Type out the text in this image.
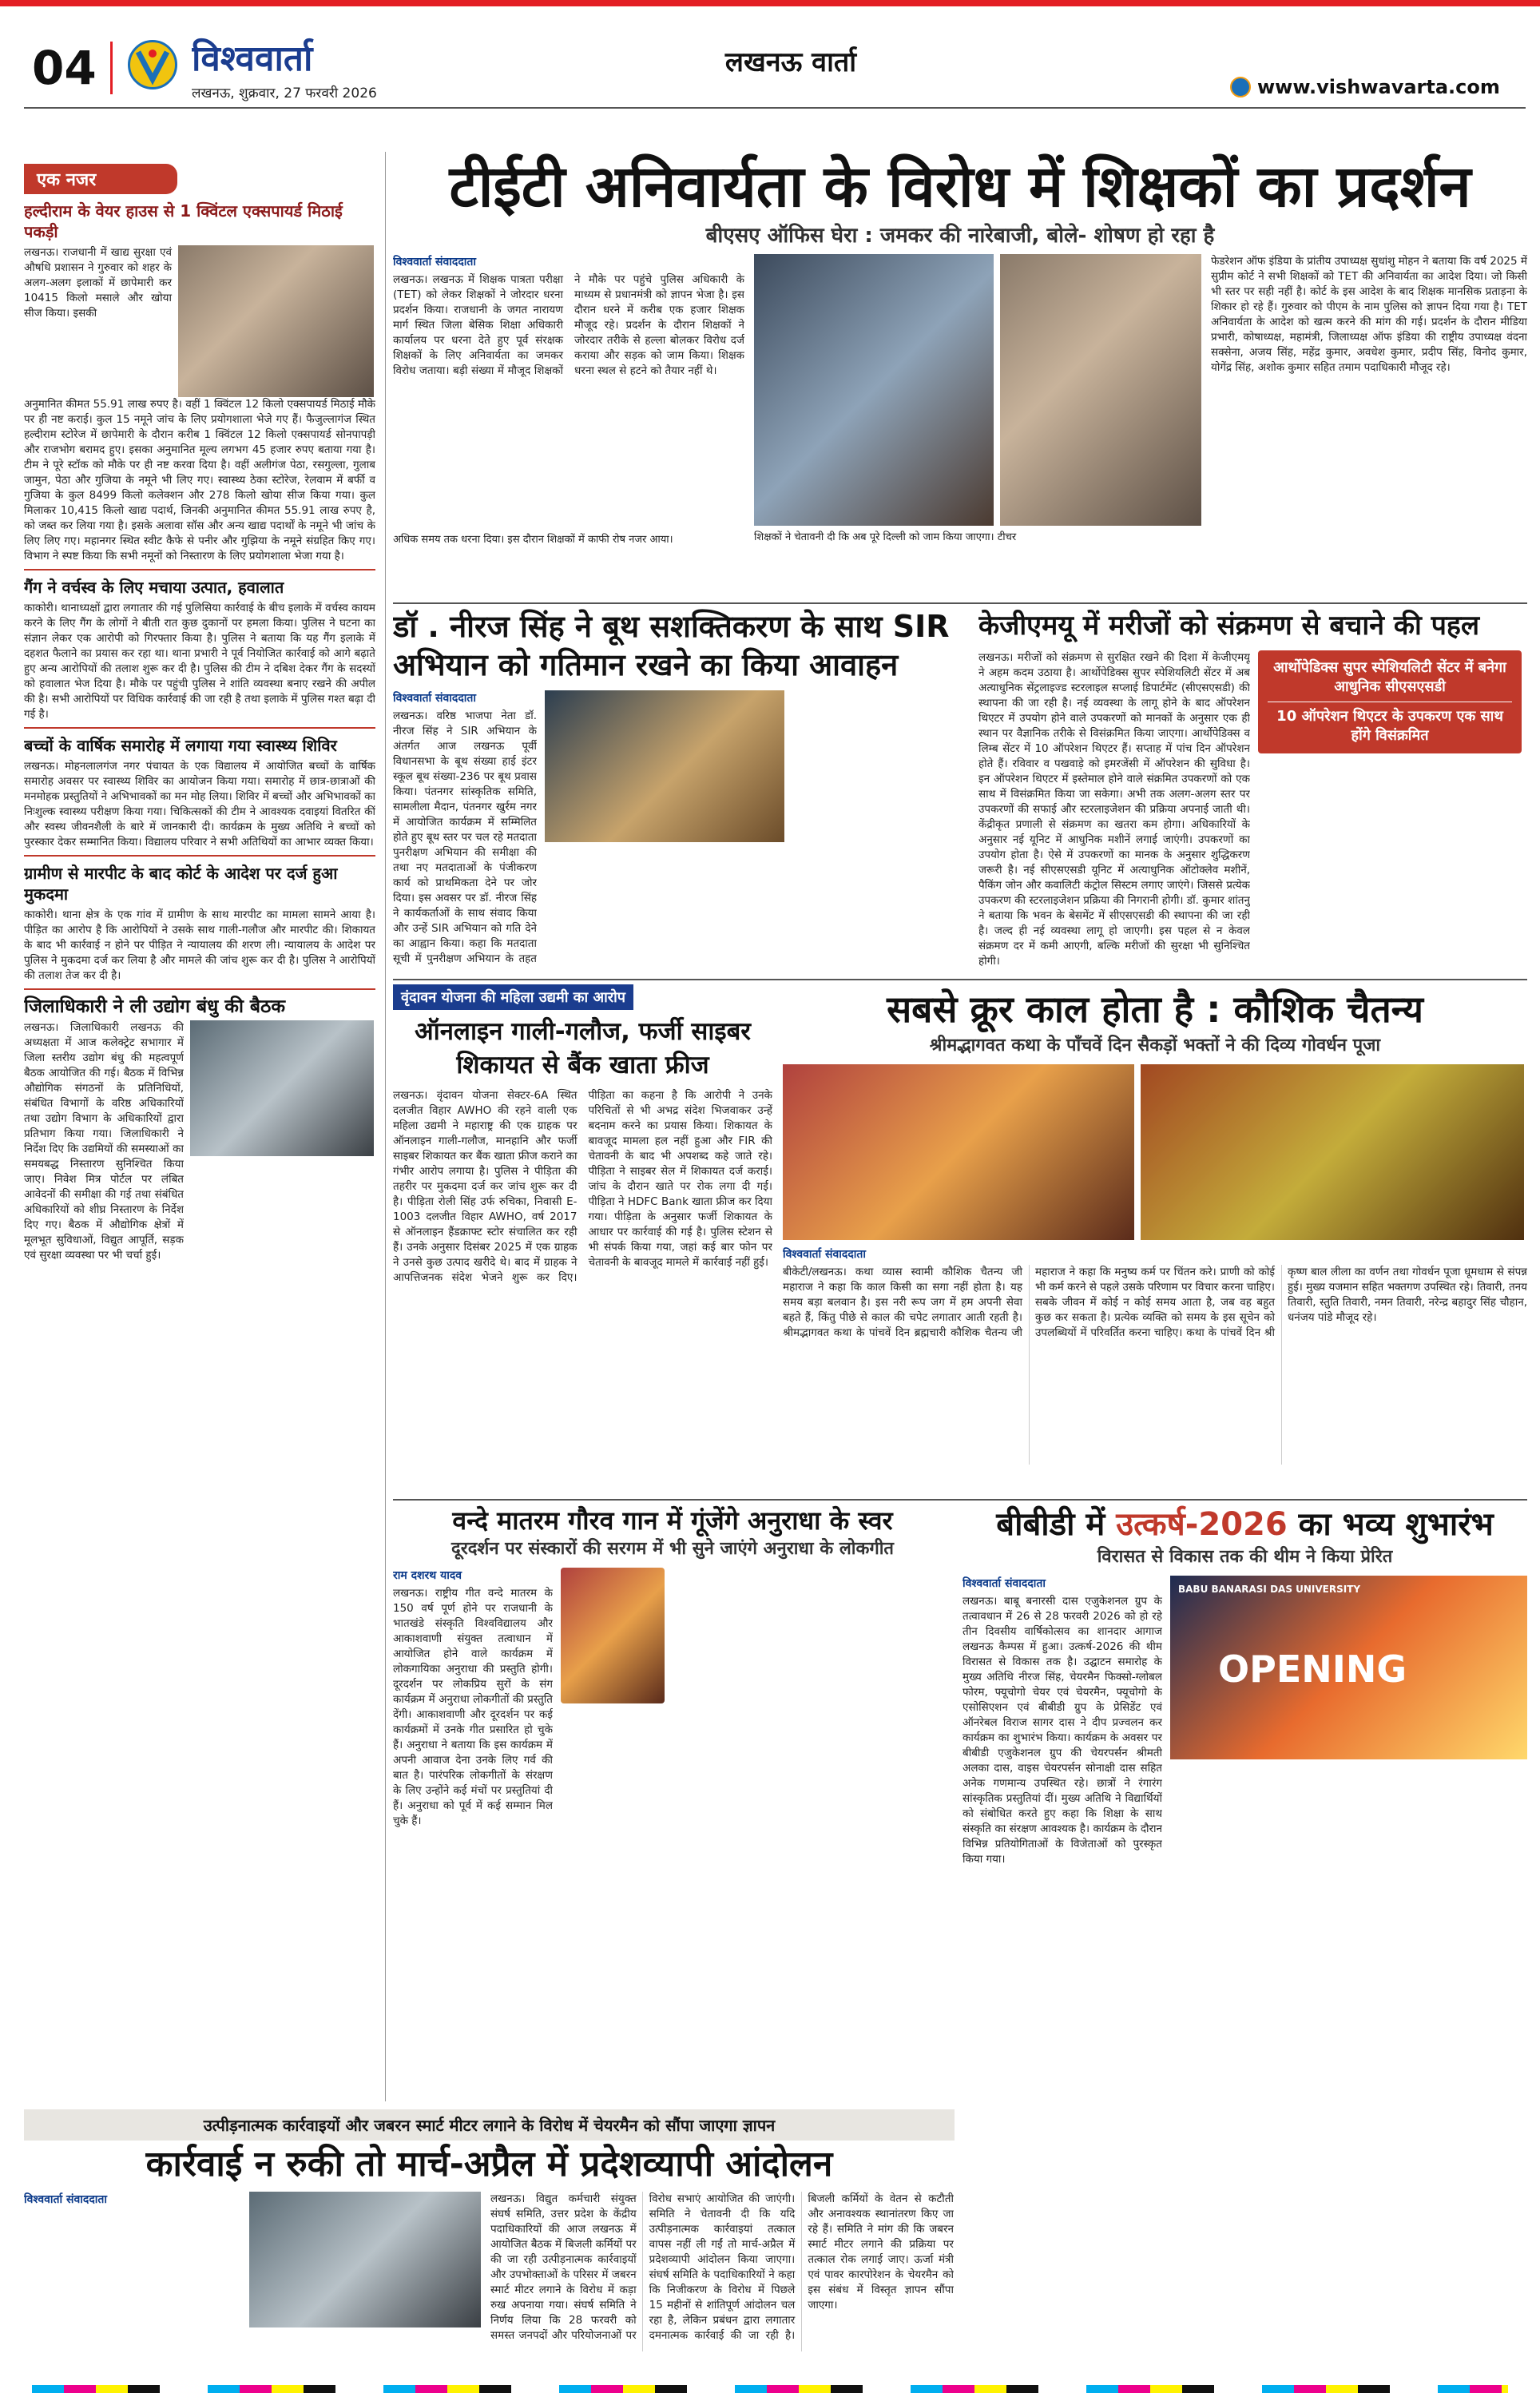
04	विश्ववार्ता
लखनऊ, शुक्रवार, 27 फरवरी 2026
लखनऊ वार्ता
www.vishwavarta.com
एक नजर
हल्दीराम के वेयर हाउस से 1 क्विंटल एक्सपायर्ड मिठाई पकड़ी
लखनऊ। राजधानी में खाद्य सुरक्षा एवं औषधि प्रशासन ने गुरुवार को शहर के अलग-अलग इलाकों में छापेमारी कर 10415 किलो मसाले और खोया सीज किया। इसकी
अनुमानित कीमत 55.91 लाख रुपए है। वहीं 1 क्विंटल 12 किलो एक्सपायर्ड मिठाई मौके पर ही नष्ट कराई। कुल 15 नमूने जांच के लिए प्रयोगशाला भेजे गए हैं। फैजुल्लागंज स्थित हल्दीराम स्टोरेज में छापेमारी के दौरान करीब 1 क्विंटल 12 किलो एक्सपायर्ड सोनपापड़ी और राजभोग बरामद हुए। इसका अनुमानित मूल्य लगभग 45 हजार रुपए बताया गया है। टीम ने पूरे स्टॉक को मौके पर ही नष्ट करवा दिया है। वहीं अलीगंज पेठा, रसगुल्ला, गुलाब जामुन, पेठा और गुजिया के नमूने भी लिए गए। स्वास्थ्य ठेका स्टोरेज, रेलवाम में बर्फी व गुजिया के कुल 8499 किलो कलेक्शन और 278 किलो खोया सीज किया गया। कुल मिलाकर 10,415 किलो खाद्य पदार्थ, जिनकी अनुमानित कीमत 55.91 लाख रुपए है, को जब्त कर लिया गया है। इसके अलावा सॉस और अन्य खाद्य पदार्थों के नमूने भी जांच के लिए लिए गए। महानगर स्थित स्वीट कैफे से पनीर और गुझिया के नमूने संग्रहित किए गए। विभाग ने स्पष्ट किया कि सभी नमूनों को निस्तारण के लिए प्रयोगशाला भेजा गया है।
गैंग ने वर्चस्व के लिए मचाया उत्पात, हवालात
काकोरी। थानाध्यक्षों द्वारा लगातार की गई पुलिसिया कार्रवाई के बीच इलाके में वर्चस्व कायम करने के लिए गैंग के लोगों ने बीती रात कुछ दुकानों पर हमला किया। पुलिस ने घटना का संज्ञान लेकर एक आरोपी को गिरफ्तार किया है। पुलिस ने बताया कि यह गैंग इलाके में दहशत फैलाने का प्रयास कर रहा था। थाना प्रभारी ने पूर्व नियोजित कार्रवाई को आगे बढ़ाते हुए अन्य आरोपियों की तलाश शुरू कर दी है। पुलिस की टीम ने दबिश देकर गैंग के सदस्यों को हवालात भेज दिया है। मौके पर पहुंची पुलिस ने शांति व्यवस्था बनाए रखने की अपील की है। सभी आरोपियों पर विधिक कार्रवाई की जा रही है तथा इलाके में पुलिस गश्त बढ़ा दी गई है।
बच्चों के वार्षिक समारोह में लगाया गया स्वास्थ्य शिविर
लखनऊ। मोहनलालगंज नगर पंचायत के एक विद्यालय में आयोजित बच्चों के वार्षिक समारोह अवसर पर स्वास्थ्य शिविर का आयोजन किया गया। समारोह में छात्र-छात्राओं की मनमोहक प्रस्तुतियों ने अभिभावकों का मन मोह लिया। शिविर में बच्चों और अभिभावकों का निःशुल्क स्वास्थ्य परीक्षण किया गया। चिकित्सकों की टीम ने आवश्यक दवाइयां वितरित कीं और स्वस्थ जीवनशैली के बारे में जानकारी दी। कार्यक्रम के मुख्य अतिथि ने बच्चों को पुरस्कार देकर सम्मानित किया। विद्यालय परिवार ने सभी अतिथियों का आभार व्यक्त किया।
ग्रामीण से मारपीट के बाद कोर्ट के आदेश पर दर्ज हुआ मुकदमा
काकोरी। थाना क्षेत्र के एक गांव में ग्रामीण के साथ मारपीट का मामला सामने आया है। पीड़ित का आरोप है कि आरोपियों ने उसके साथ गाली-गलौज और मारपीट की। शिकायत के बाद भी कार्रवाई न होने पर पीड़ित ने न्यायालय की शरण ली। न्यायालय के आदेश पर पुलिस ने मुकदमा दर्ज कर लिया है और मामले की जांच शुरू कर दी है। पुलिस ने आरोपियों की तलाश तेज कर दी है।
जिलाधिकारी ने ली उद्योग बंधु की बैठक
लखनऊ। जिलाधिकारी लखनऊ की अध्यक्षता में आज कलेक्ट्रेट सभागार में जिला स्तरीय उद्योग बंधु की महत्वपूर्ण बैठक आयोजित की गई। बैठक में विभिन्न औद्योगिक संगठनों के प्रतिनिधियों, संबंधित विभागों के वरिष्ठ अधिकारियों तथा उद्योग विभाग के अधिकारियों द्वारा प्रतिभाग किया गया। जिलाधिकारी ने निर्देश दिए कि उद्यमियों की समस्याओं का समयबद्ध निस्तारण सुनिश्चित किया जाए। निवेश मित्र पोर्टल पर लंबित आवेदनों की समीक्षा की गई तथा संबंधित अधिकारियों को शीघ्र निस्तारण के निर्देश दिए गए। बैठक में औद्योगिक क्षेत्रों में मूलभूत सुविधाओं, विद्युत आपूर्ति, सड़क एवं सुरक्षा व्यवस्था पर भी चर्चा हुई।
टीईटी अनिवार्यता के विरोध में शिक्षकों का प्रदर्शन
बीएसए ऑफिस घेरा : जमकर की नारेबाजी, बोले- शोषण हो रहा है
विश्ववार्ता संवाददाता
लखनऊ। लखनऊ में शिक्षक पात्रता परीक्षा (TET) को लेकर शिक्षकों ने जोरदार धरना प्रदर्शन किया। राजधानी के जगत नारायण मार्ग स्थित जिला बेसिक शिक्षा अधिकारी कार्यालय पर धरना देते हुए पूर्व संरक्षक शिक्षकों के लिए अनिवार्यता का जमकर विरोध जताया। बड़ी संख्या में मौजूद शिक्षकों ने मौके पर पहुंचे पुलिस अधिकारी के माध्यम से प्रधानमंत्री को ज्ञापन भेजा है। इस दौरान धरने में करीब एक हजार शिक्षक मौजूद रहे। प्रदर्शन के दौरान शिक्षकों ने जोरदार तरीके से हल्ला बोलकर विरोध दर्ज कराया और सड़क को जाम किया। शिक्षक धरना स्थल से हटने को तैयार नहीं थे।
अधिक समय तक धरना दिया। इस दौरान शिक्षकों में काफी रोष नजर आया।	शिक्षकों ने चेतावनी दी कि अब पूरे दिल्ली को जाम किया जाएगा। टीचर
फेडरेशन ऑफ इंडिया के प्रांतीय उपाध्यक्ष सुधांशु मोहन ने बताया कि वर्ष 2025 में सुप्रीम कोर्ट ने सभी शिक्षकों को TET की अनिवार्यता का आदेश दिया। जो किसी भी स्तर पर सही नहीं है। कोर्ट के इस आदेश के बाद शिक्षक मानसिक प्रताड़ना के शिकार हो रहे हैं। गुरुवार को पीएम के नाम पुलिस को ज्ञापन दिया गया है। TET अनिवार्यता के आदेश को खत्म करने की मांग की गई। प्रदर्शन के दौरान मीडिया प्रभारी, कोषाध्यक्ष, महामंत्री, जिलाध्यक्ष ऑफ इंडिया की राष्ट्रीय उपाध्यक्ष वंदना सक्सेना, अजय सिंह, महेंद्र कुमार, अवधेश कुमार, प्रदीप सिंह, विनोद कुमार, योगेंद्र सिंह, अशोक कुमार सहित तमाम पदाधिकारी मौजूद रहे।
डॉ . नीरज सिंह ने बूथ सशक्तिकरण के साथ SIR अभियान को गतिमान रखने का किया आवाहन
विश्ववार्ता संवाददाता
लखनऊ। वरिष्ठ भाजपा नेता डॉ. नीरज सिंह ने SIR अभियान के अंतर्गत आज लखनऊ पूर्वी विधानसभा के बूथ संख्या हाई इंटर स्कूल बूथ संख्या-236 पर बूथ प्रवास किया। पंतनगर सांस्कृतिक समिति, सामलीला मैदान, पंतनगर खुर्रम नगर में आयोजित कार्यक्रम में सम्मिलित होते हुए बूथ स्तर पर चल रहे मतदाता पुनरीक्षण अभियान की समीक्षा की तथा नए मतदाताओं के पंजीकरण कार्य को प्राथमिकता देने पर जोर दिया। इस अवसर पर डॉ. नीरज सिंह ने कार्यकर्ताओं के साथ संवाद किया और उन्हें SIR अभियान को गति देने का आह्वान किया। कहा कि मतदाता सूची में पुनरीक्षण अभियान के तहत
केजीएमयू में मरीजों को संक्रमण से बचाने की पहल
लखनऊ। मरीजों को संक्रमण से सुरक्षित रखने की दिशा में केजीएमयू ने अहम कदम उठाया है। आर्थोपेडिक्स सुपर स्पेशियलिटी सेंटर में अब अत्याधुनिक सेंट्रलाइज्ड स्टरलाइल सप्लाई डिपार्टमेंट (सीएसएसडी) की स्थापना की जा रही है। नई व्यवस्था के लागू होने के बाद ऑपरेशन थिएटर में उपयोग होने वाले उपकरणों को मानकों के अनुसार एक ही स्थान पर वैज्ञानिक तरीके से विसंक्रमित किया जाएगा। आर्थोपेडिक्स व लिम्ब सेंटर में 10 ऑपरेशन थिएटर हैं। सप्ताह में पांच दिन ऑपरेशन होते हैं। रविवार व पखवाड़े को इमरजेंसी में ऑपरेशन की सुविधा है। इन ऑपरेशन थिएटर में इस्तेमाल होने वाले संक्रमित उपकरणों को एक साथ में विसंक्रमित किया जा सकेगा। अभी तक अलग-अलग स्तर पर उपकरणों की सफाई और स्टरलाइजेशन की प्रक्रिया अपनाई जाती थी। केंद्रीकृत प्रणाली से संक्रमण का खतरा कम होगा। अधिकारियों के अनुसार नई यूनिट में आधुनिक मशीनें लगाई जाएंगी। उपकरणों का उपयोग होता है। ऐसे में उपकरणों का मानक के अनुसार शुद्धिकरण जरूरी है। नई सीएसएसडी यूनिट में अत्याधुनिक ऑटोक्लेव मशीनें, पैकिंग जोन और कवालिटी कंट्रोल सिस्टम लगाए जाएंगे। जिससे प्रत्येक उपकरण की स्टरलाइजेशन प्रक्रिया की निगरानी होगी। डॉ. कुमार शांतनु ने बताया कि भवन के बेसमेंट में सीएसएसडी की स्थापना की जा रही है। जल्द ही नई व्यवस्था लागू हो जाएगी। इस पहल से न केवल संक्रमण दर में कमी आएगी, बल्कि मरीजों की सुरक्षा भी सुनिश्चित होगी।
आर्थोपेडिक्स सुपर स्पेशियलिटी सेंटर में बनेगा आधुनिक सीएसएसडी
10 ऑपरेशन थिएटर के उपकरण एक साथ होंगे विसंक्रमित
वृंदावन योजना की महिला उद्यमी का आरोप
ऑनलाइन गाली-गलौज, फर्जी साइबर शिकायत से बैंक खाता फ्रीज
लखनऊ। वृंदावन योजना सेक्टर-6A स्थित दलजीत विहार AWHO की रहने वाली एक महिला उद्यमी ने महाराष्ट्र की एक ग्राहक पर ऑनलाइन गाली-गलौज, मानहानि और फर्जी साइबर शिकायत कर बैंक खाता फ्रीज कराने का गंभीर आरोप लगाया है। पुलिस ने पीड़िता की तहरीर पर मुकदमा दर्ज कर जांच शुरू कर दी है। पीड़िता रोली सिंह उर्फ रुचिका, निवासी E-1003 दलजीत विहार AWHO, वर्ष 2017 से ऑनलाइन हैंडक्राफ्ट स्टोर संचालित कर रही हैं। उनके अनुसार दिसंबर 2025 में एक ग्राहक ने उनसे कुछ उत्पाद खरीदे थे। बाद में ग्राहक ने आपत्तिजनक संदेश भेजने शुरू कर दिए। पीड़िता का कहना है कि आरोपी ने उनके परिचितों से भी अभद्र संदेश भिजवाकर उन्हें बदनाम करने का प्रयास किया। शिकायत के बावजूद मामला हल नहीं हुआ और FIR की चेतावनी के बाद भी अपशब्द कहे जाते रहे। पीड़िता ने साइबर सेल में शिकायत दर्ज कराई। जांच के दौरान खाते पर रोक लगा दी गई। पीड़िता ने HDFC Bank खाता फ्रीज कर दिया गया। पीड़िता के अनुसार फर्जी शिकायत के आधार पर कार्रवाई की गई है। पुलिस स्टेशन से भी संपर्क किया गया, जहां कई बार फोन पर चेतावनी के बावजूद मामले में कार्रवाई नहीं हुई।
सबसे क्रूर काल होता है : कौशिक चैतन्य
श्रीमद्भागवत कथा के पाँचवें दिन सैकड़ों भक्तों ने की दिव्य गोवर्धन पूजा
विश्ववार्ता संवाददाता
बीकेटी/लखनऊ। कथा व्यास स्वामी कौशिक चैतन्य जी महाराज ने कहा कि काल किसी का सगा नहीं होता है। यह समय बड़ा बलवान है। इस नरी रूप जग में हम अपनी सेवा बहते हैं, किंतु पीछे से काल की चपेट लगातार आती रहती है। श्रीमद्भागवत कथा के पांचवें दिन ब्रह्मचारी कौशिक चैतन्य जी महाराज ने कहा कि मनुष्य कर्म पर चिंतन करे। प्राणी को कोई भी कर्म करने से पहले उसके परिणाम पर विचार करना चाहिए। सबके जीवन में कोई न कोई समय आता है, जब वह बहुत कुछ कर सकता है। प्रत्येक व्यक्ति को समय के इस सूचेन को उपलब्धियों में परिवर्तित करना चाहिए। कथा के पांचवें दिन श्री कृष्ण बाल लीला का वर्णन तथा गोवर्धन पूजा धूमधाम से संपन्न हुई। मुख्य यजमान सहित भक्तगण उपस्थित रहे। तिवारी, तनय तिवारी, स्तुति तिवारी, नमन तिवारी, नरेन्द्र बहादुर सिंह चौहान, धनंजय पांडे मौजूद रहे।
वन्दे मातरम गौरव गान में गूंजेंगे अनुराधा के स्वर
दूरदर्शन पर संस्कारों की सरगम में भी सुने जाएंगे अनुराधा के लोकगीत
राम दशरथ यादव
लखनऊ। राष्ट्रीय गीत वन्दे मातरम के 150 वर्ष पूर्ण होने पर राजधानी के भातखंडे संस्कृति विश्वविद्यालय और आकाशवाणी संयुक्त तत्वाधान में आयोजित होने वाले कार्यक्रम में लोकगायिका अनुराधा की प्रस्तुति होगी। दूरदर्शन पर लोकप्रिय सुरों के संग कार्यक्रम में अनुराधा लोकगीतों की प्रस्तुति देंगी। आकाशवाणी और दूरदर्शन पर कई कार्यक्रमों में उनके गीत प्रसारित हो चुके हैं। अनुराधा ने बताया कि इस कार्यक्रम में अपनी आवाज देना उनके लिए गर्व की बात है। पारंपरिक लोकगीतों के संरक्षण के लिए उन्होंने कई मंचों पर प्रस्तुतियां दी हैं। अनुराधा को पूर्व में कई सम्मान मिल चुके हैं।
बीबीडी में उत्कर्ष-2026 का भव्य शुभारंभ
विरासत से विकास तक की थीम ने किया प्रेरित
विश्ववार्ता संवाददाता
लखनऊ। बाबू बनारसी दास एजुकेशनल ग्रुप के तत्वावधान में 26 से 28 फरवरी 2026 को हो रहे तीन दिवसीय वार्षिकोत्सव का शानदार आगाज लखनऊ कैम्पस में हुआ। उत्कर्ष-2026 की थीम विरासत से विकास तक है। उद्घाटन समारोह के मुख्य अतिथि नीरज सिंह, चेयरमैन फिक्सो-ग्लोबल फोरम, फ्यूचोगो चेयर एवं चेयरमैन, फ्यूचोगो के एसोसिएशन एवं बीबीडी ग्रुप के प्रेसिडेंट एवं ऑनरेबल विराज सागर दास ने दीप प्रज्वलन कर कार्यक्रम का शुभारंभ किया। कार्यक्रम के अवसर पर बीबीडी एजुकेशनल ग्रुप की चेयरपर्सन श्रीमती अलका दास, वाइस चेयरपर्सन सोनाक्षी दास सहित अनेक गणमान्य उपस्थित रहे। छात्रों ने रंगारंग सांस्कृतिक प्रस्तुतियां दीं। मुख्य अतिथि ने विद्यार्थियों को संबोधित करते हुए कहा कि शिक्षा के साथ संस्कृति का संरक्षण आवश्यक है। कार्यक्रम के दौरान विभिन्न प्रतियोगिताओं के विजेताओं को पुरस्कृत किया गया।
BABU BANARASI DAS UNIVERSITY
OPENING
उत्पीड़नात्मक कार्रवाइयों और जबरन स्मार्ट मीटर लगाने के विरोध में चेयरमैन को सौंपा जाएगा ज्ञापन
कार्रवाई न रुकी तो मार्च-अप्रैल में प्रदेशव्यापी आंदोलन
विश्ववार्ता संवाददाता	लखनऊ। विद्युत कर्मचारी संयुक्त संघर्ष समिति, उत्तर प्रदेश के केंद्रीय पदाधिकारियों की आज लखनऊ में आयोजित बैठक में बिजली कर्मियों पर की जा रही उत्पीड़नात्मक कार्रवाइयों और उपभोक्ताओं के परिसर में जबरन स्मार्ट मीटर लगाने के विरोध में कड़ा रुख अपनाया गया। संघर्ष समिति ने निर्णय लिया कि 28 फरवरी को समस्त जनपदों और परियोजनाओं पर विरोध सभाएं आयोजित की जाएंगी। समिति ने चेतावनी दी कि यदि उत्पीड़नात्मक कार्रवाइयां तत्काल वापस नहीं ली गईं तो मार्च-अप्रैल में प्रदेशव्यापी आंदोलन किया जाएगा। संघर्ष समिति के पदाधिकारियों ने कहा कि निजीकरण के विरोध में पिछले 15 महीनों से शांतिपूर्ण आंदोलन चल रहा है, लेकिन प्रबंधन द्वारा लगातार दमनात्मक कार्रवाई की जा रही है। बिजली कर्मियों के वेतन से कटौती और अनावश्यक स्थानांतरण किए जा रहे हैं। समिति ने मांग की कि जबरन स्मार्ट मीटर लगाने की प्रक्रिया पर तत्काल रोक लगाई जाए। ऊर्जा मंत्री एवं पावर कारपोरेशन के चेयरमैन को इस संबंध में विस्तृत ज्ञापन सौंपा जाएगा।
